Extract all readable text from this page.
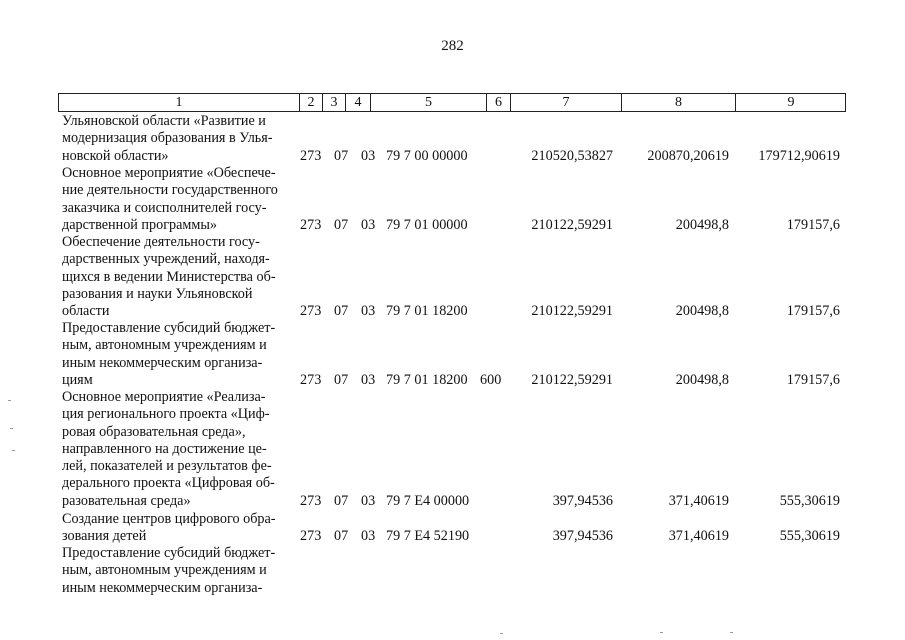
282
1	2	3	4	5	6	7	8	9
Ульяновской области «Развитие и
модернизация образования в Улья-
новской области»	273 07 03 79 7 00 00000	210520,53827 200870,20619 179712,90619
Основное мероприятие «Обеспече-
ние деятельности государственного
заказчика и соисполнителей госу-
дарственной программы»	273 07 03 79 7 01 00000	210122,59291	200498,8	179157,6
Обеспечение деятельности госу-
дарственных учреждений, находя-
щихся в ведении Министерства об-
разования и науки Ульяновской
области	273 07 03 79 7 01 18200	210122,59291	200498,8	179157,6
Предоставление субсидий бюджет-
ным, автономным учреждениям и
иным некоммерческим организа-
циям	273 07 03 79 7 01 18200 600 210122,59291	200498,8	179157,6
Основное мероприятие «Реализа-
ция регионального проекта «Циф-
ровая образовательная среда»,
направленного на достижение це-
лей, показателей и результатов фе-
дерального проекта «Цифровая об-
разовательная среда»	273 07 03 79 7 Е4 00000	397,94536	371,40619	555,30619
Создание центров цифрового обра-
зования детей	273 07 03 79 7 Е4 52190	397,94536	371,40619	555,30619
Предоставление субсидий бюджет-
ным, автономным учреждениям и
иным некоммерческим организа-
